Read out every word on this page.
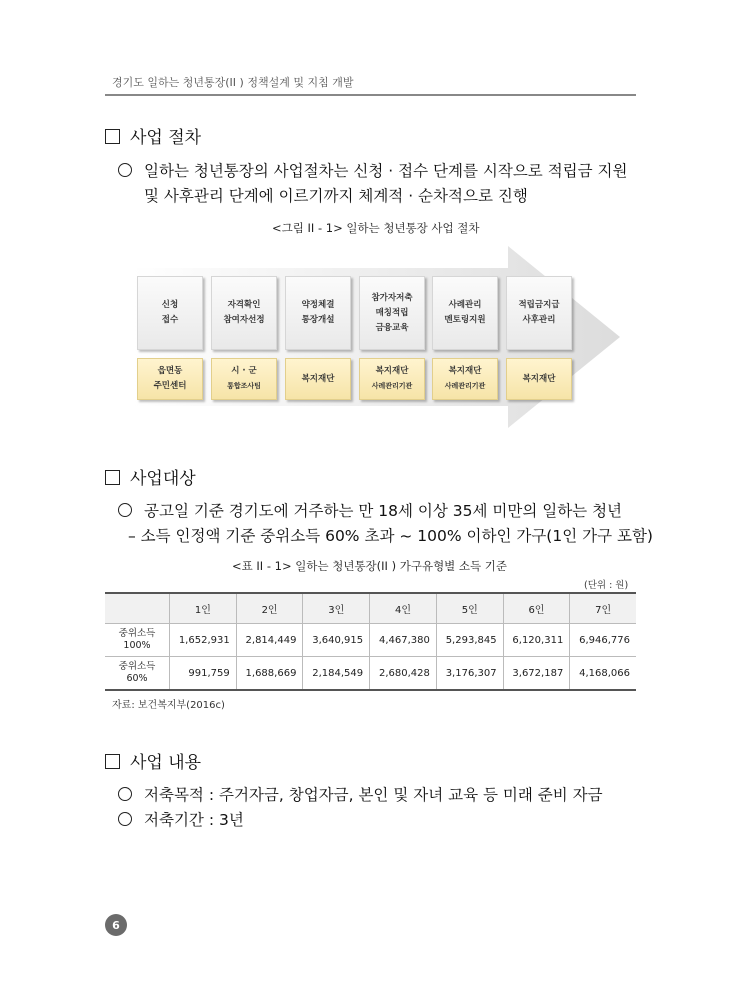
경기도 일하는 청년통장(II ) 정책설계 및 지침 개발
사업 절차
일하는 청년통장의 사업절차는 신청 · 접수 단계를 시작으로 적립금 지원
및 사후관리 단계에 이르기까지 체계적 · 순차적으로 진행
<그림 II - 1> 일하는 청년통장 사업 절차
신청
접수
자격확인
참여자선정
약정체결
통장개설
참가자저축
매칭적립
금융교육
사례관리
멘토링지원
적립금지급
사후관리
읍면동
주민센터
시 · 군
통합조사팀
복지재단
복지재단
사례관리기관
복지재단
사례관리기관
복지재단
사업대상
공고일 기준 경기도에 거주하는 만 18세 이상 35세 미만의 일하는 청년
– 소득 인정액 기준 중위소득 60% 초과 ~ 100% 이하인 가구(1인 가구 포함)
<표 II - 1> 일하는 청년통장(II ) 가구유형별 소득 기준
(단위 : 원)
	1인	2인	3인	4인	5인	6인	7인

중위소득
100%	1,652,931	2,814,449	3,640,915	4,467,380	5,293,845	6,120,311	6,946,776

중위소득
60%	991,759	1,688,669	2,184,549	2,680,428	3,176,307	3,672,187	4,168,066
자료: 보건복지부(2016c)
사업 내용
저축목적 : 주거자금, 창업자금, 본인 및 자녀 교육 등 미래 준비 자금
저축기간 : 3년
6
